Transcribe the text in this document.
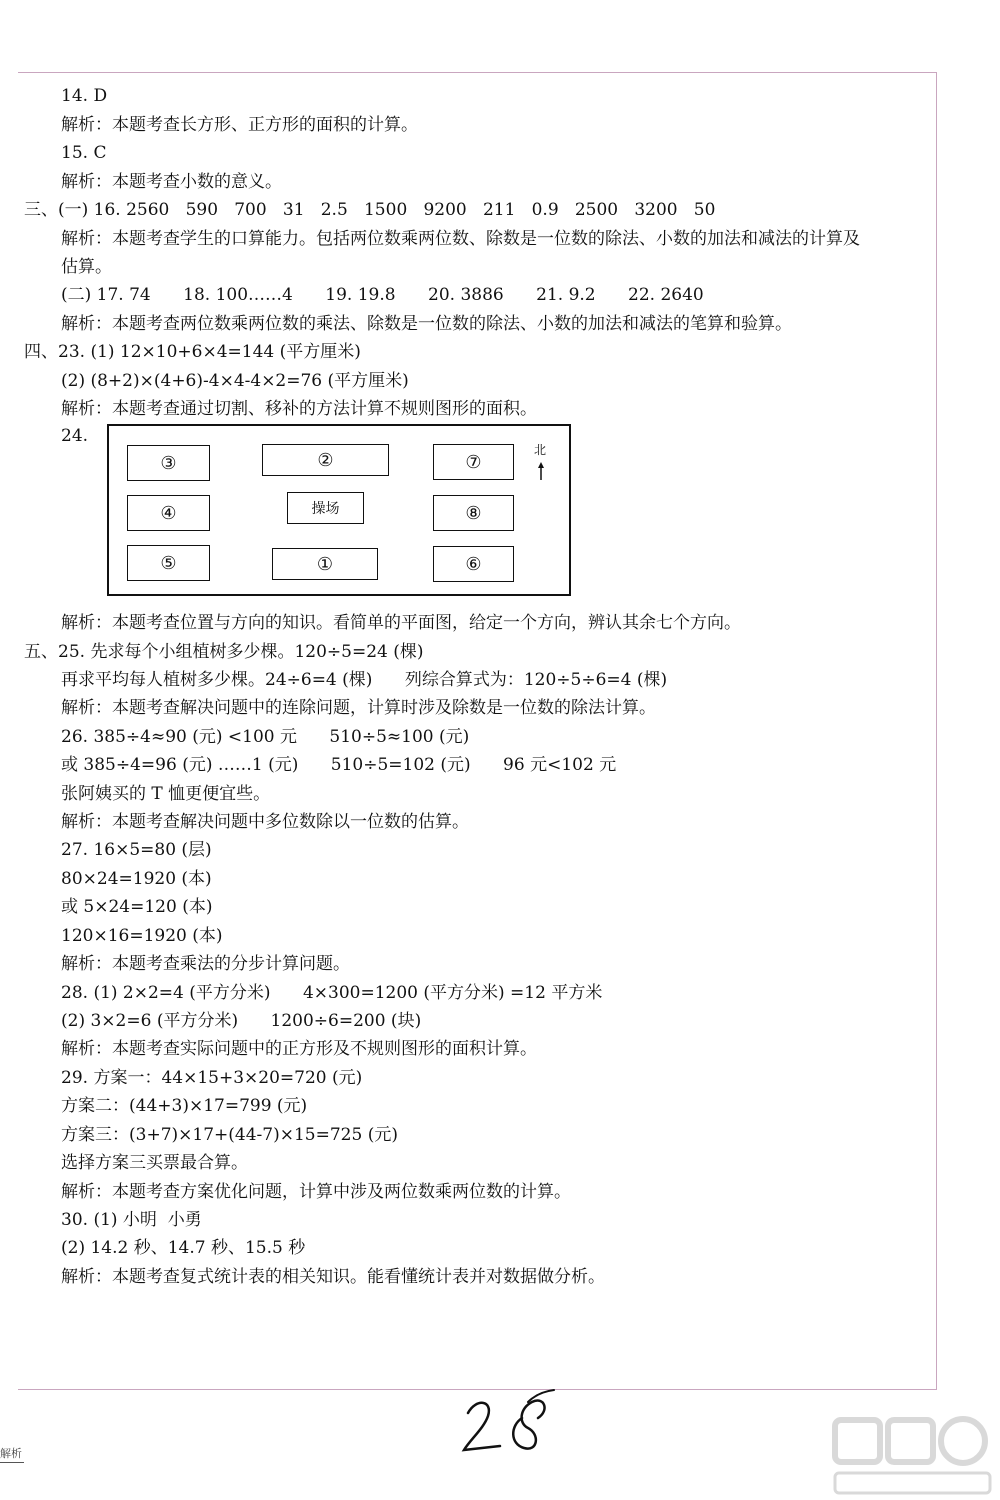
14. D
解析：本题考查长方形、正方形的面积的计算。
15. C
解析：本题考查小数的意义。
三、(一) 16. 2560   590   700   31   2.5   1500   9200   211   0.9   2500   3200   50
解析：本题考查学生的口算能力。包括两位数乘两位数、除数是一位数的除法、小数的加法和减法的计算及
估算。
(二) 17. 74      18. 100……4      19. 19.8      20. 3886      21. 9.2      22. 2640
解析：本题考查两位数乘两位数的乘法、除数是一位数的除法、小数的加法和减法的笔算和验算。
四、23. (1) 12×10+6×4=144 (平方厘米)
(2) (8+2)×(4+6)-4×4-4×2=76 (平方厘米)
解析：本题考查通过切割、移补的方法计算不规则图形的面积。
24.
解析：本题考查位置与方向的知识。看简单的平面图，给定一个方向，辨认其余七个方向。
五、25. 先求每个小组植树多少棵。120÷5=24 (棵)
再求平均每人植树多少棵。24÷6=4 (棵)      列综合算式为：120÷5÷6=4 (棵)
解析：本题考查解决问题中的连除问题，计算时涉及除数是一位数的除法计算。
26. 385÷4≈90 (元) <100 元      510÷5≈100 (元)
或 385÷4=96 (元) ……1 (元)      510÷5=102 (元)      96 元<102 元
张阿姨买的 T 恤更便宜些。
解析：本题考查解决问题中多位数除以一位数的估算。
27. 16×5=80 (层)
80×24=1920 (本)
或 5×24=120 (本)
120×16=1920 (本)
解析：本题考查乘法的分步计算问题。
28. (1) 2×2=4 (平方分米)      4×300=1200 (平方分米) =12 平方米
(2) 3×2=6 (平方分米)      1200÷6=200 (块)
解析：本题考查实际问题中的正方形及不规则图形的面积计算。
29. 方案一：44×15+3×20=720 (元)
方案二：(44+3)×17=799 (元)
方案三：(3+7)×17+(44-7)×15=725 (元)
选择方案三买票最合算。
解析：本题考查方案优化问题，计算中涉及两位数乘两位数的计算。
30. (1) 小明  小勇
(2) 14.2 秒、14.7 秒、15.5 秒
解析：本题考查复式统计表的相关知识。能看懂统计表并对数据做分析。
③	②	⑦
④	操场	⑧
⑤	①	⑥
北
解析
